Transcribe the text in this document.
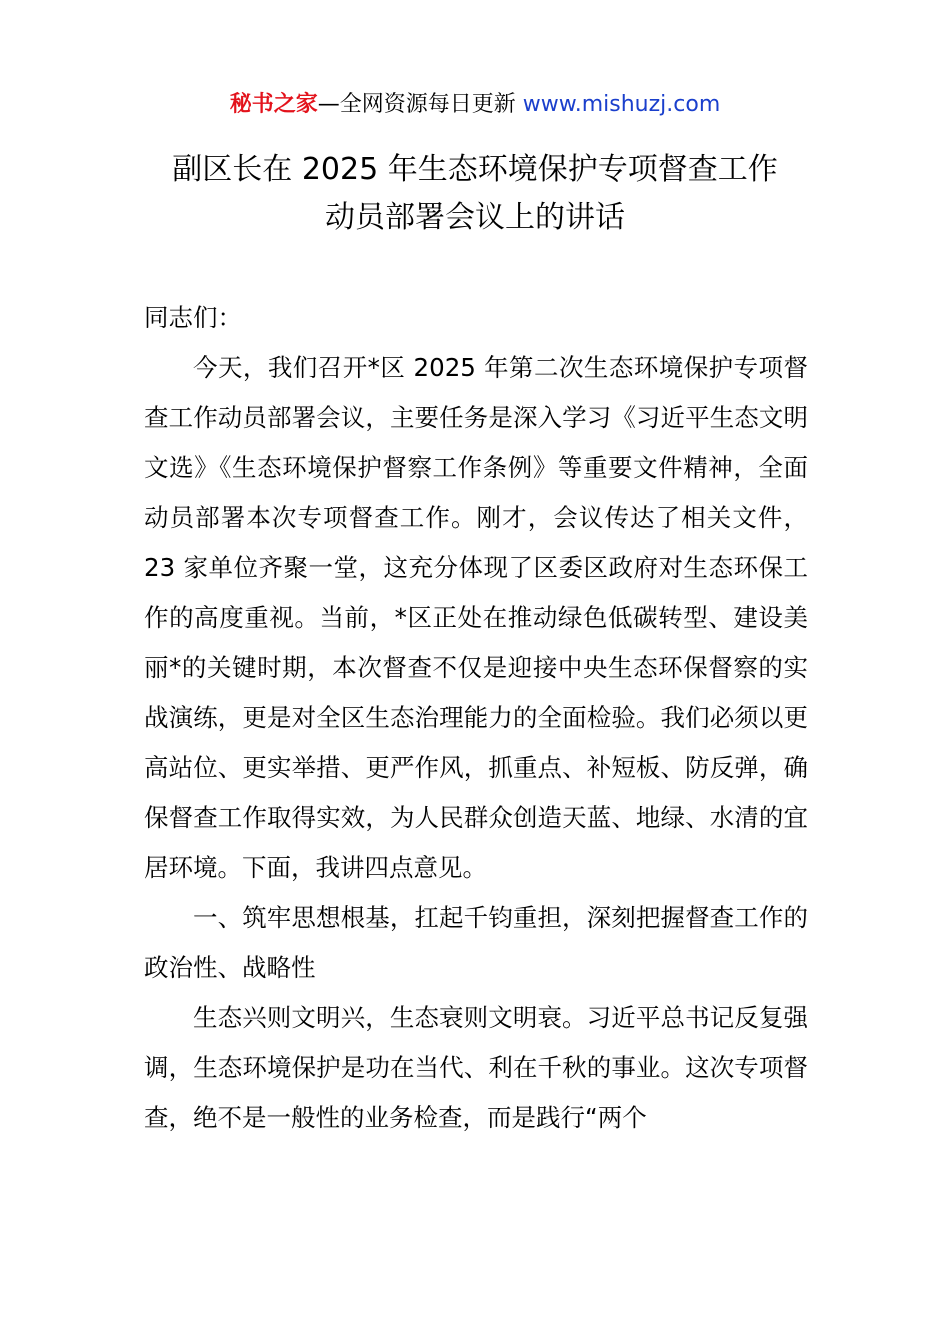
秘书之家—全网资源每日更新 www.mishuzj.com
副区长在 2025 年生态环境保护专项督查工作
动员部署会议上的讲话

同志们：

今天，我们召开*区 2025 年第二次生态环境保护专项督查工作动员部署会议，主要任务是深入学习《习近平生态文明文选》《生态环境保护督察工作条例》等重要文件精神，全面动员部署本次专项督查工作。刚才，会议传达了相关文件，23 家单位齐聚一堂，这充分体现了区委区政府对生态环保工作的高度重视。当前，*区正处在推动绿色低碳转型、建设美丽*的关键时期，本次督查不仅是迎接中央生态环保督察的实战演练，更是对全区生态治理能力的全面检验。我们必须以更高站位、更实举措、更严作风，抓重点、补短板、防反弹，确保督查工作取得实效，为人民群众创造天蓝、地绿、水清的宜居环境。下面，我讲四点意见。

一、筑牢思想根基，扛起千钧重担，深刻把握督查工作的政治性、战略性

生态兴则文明兴，生态衰则文明衰。习近平总书记反复强调，生态环境保护是功在当代、利在千秋的事业。这次专项督查，绝不是一般性的业务检查，而是践行“两个
